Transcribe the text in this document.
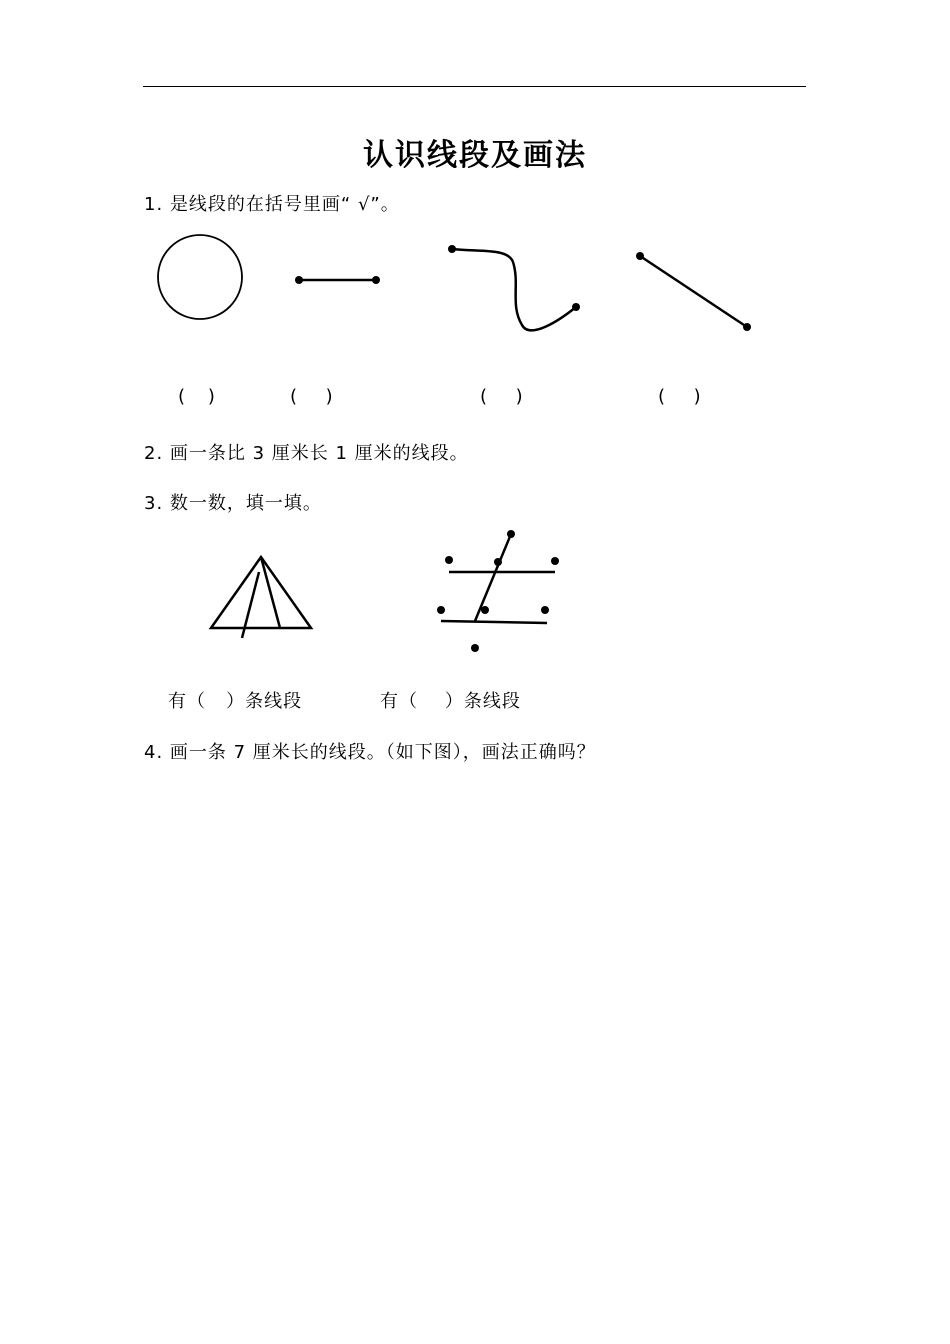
认识线段及画法
1. 是线段的在括号里画“ √”。
(    )	(     )	(     )	(     )
2. 画一条比 3 厘米长 1 厘米的线段。
3. 数一数，填一填。
有（   ）条线段	有（    ）条线段
4. 画一条 7 厘米长的线段。（如下图），画法正确吗？
